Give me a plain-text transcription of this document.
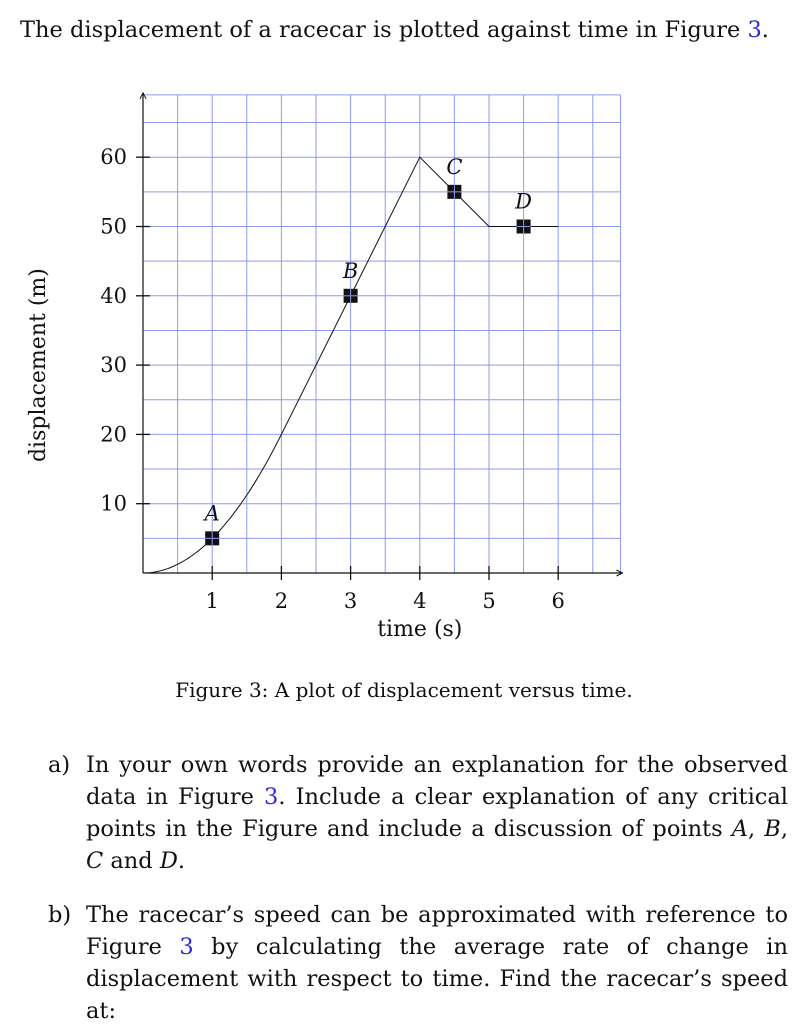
The displacement of a racecar is plotted against time in Figure 3.
1	2	3	4	5	6
10
20
30
40
50
60
A
B
C
D
time (s)
displacement (m)
Figure 3: A plot of displacement versus time.
a) In your own words provide an explanation for the observed data in Figure 3. Include a clear explanation of any critical points in the Figure and include a discussion of points A, B, C and D.
b) The racecar’s speed can be approximated with reference to Figure 3 by calculating the average rate of change in displacement with respect to time. Find the racecar’s speed at:
